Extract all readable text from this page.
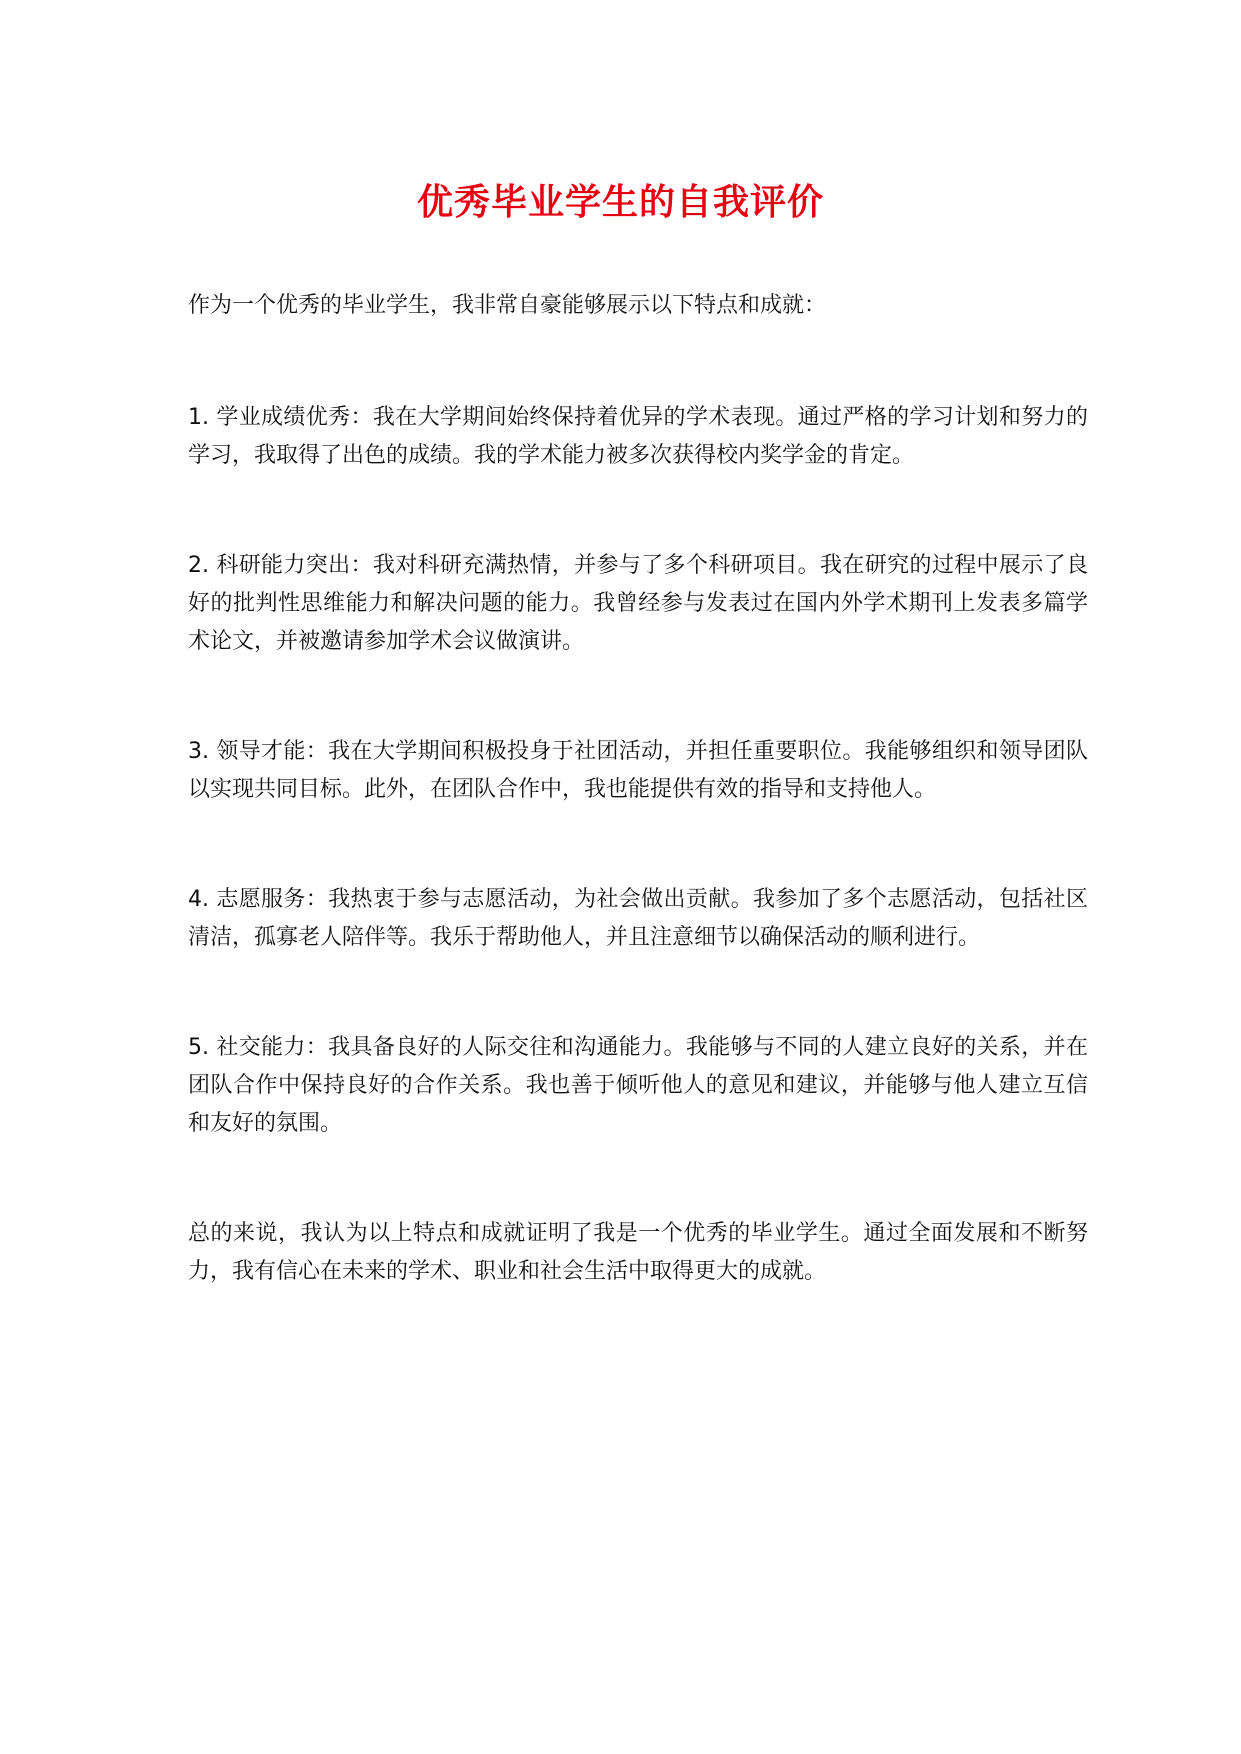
优秀毕业学生的自我评价

作为一个优秀的毕业学生，我非常自豪能够展示以下特点和成就：

1. 学业成绩优秀：我在大学期间始终保持着优异的学术表现。通过严格的学习计划和努力的学习，我取得了出色的成绩。我的学术能力被多次获得校内奖学金的肯定。

2. 科研能力突出：我对科研充满热情，并参与了多个科研项目。我在研究的过程中展示了良好的批判性思维能力和解决问题的能力。我曾经参与发表过在国内外学术期刊上发表多篇学术论文，并被邀请参加学术会议做演讲。

3. 领导才能：我在大学期间积极投身于社团活动，并担任重要职位。我能够组织和领导团队以实现共同目标。此外，在团队合作中，我也能提供有效的指导和支持他人。

4. 志愿服务：我热衷于参与志愿活动，为社会做出贡献。我参加了多个志愿活动，包括社区清洁，孤寡老人陪伴等。我乐于帮助他人，并且注意细节以确保活动的顺利进行。

5. 社交能力：我具备良好的人际交往和沟通能力。我能够与不同的人建立良好的关系，并在团队合作中保持良好的合作关系。我也善于倾听他人的意见和建议，并能够与他人建立互信和友好的氛围。

总的来说，我认为以上特点和成就证明了我是一个优秀的毕业学生。通过全面发展和不断努力，我有信心在未来的学术、职业和社会生活中取得更大的成就。
